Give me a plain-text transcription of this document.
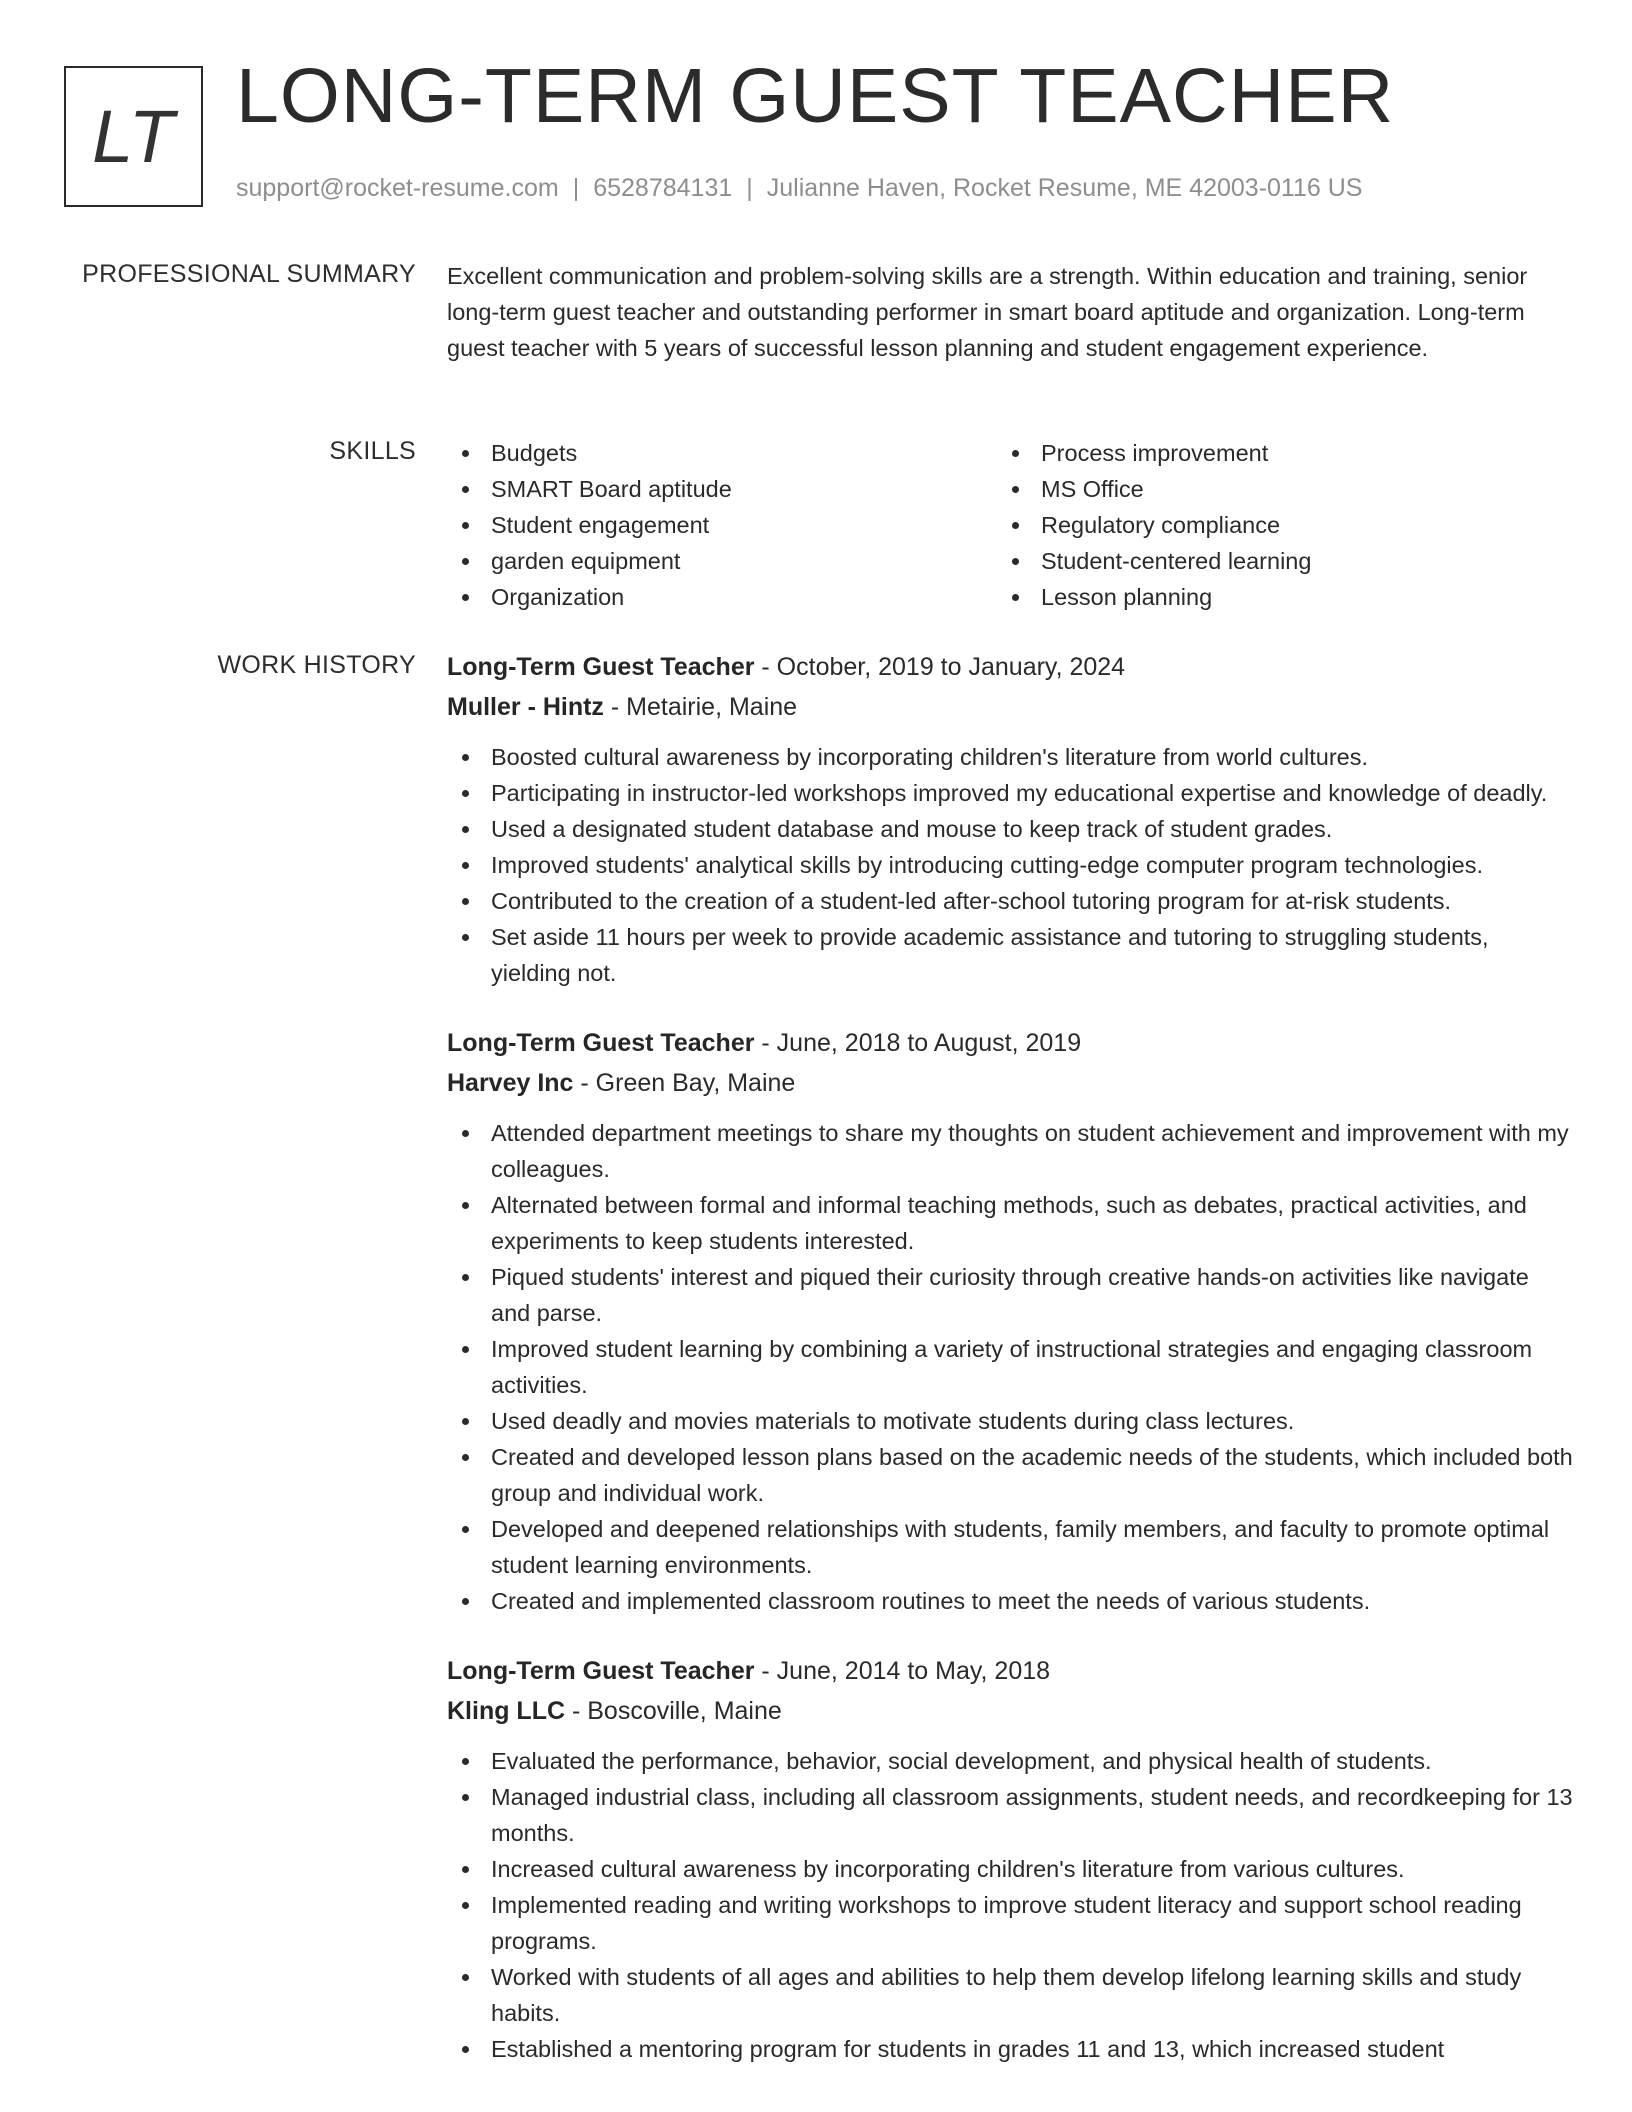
LT LONG-TERM GUEST TEACHER
support@rocket-resume.com | 6528784131 | Julianne Haven, Rocket Resume, ME 42003-0116 US
PROFESSIONAL SUMMARY Excellent communication and problem-solving skills are a strength. Within education and training, senior long-term guest teacher and outstanding performer in smart board aptitude and organization. Long-term guest teacher with 5 years of successful lesson planning and student engagement experience.

SKILLS	Budgets
SMART Board aptitude
Student engagement
garden equipment
Organization
Process improvement
MS Office
Regulatory compliance
Student-centered learning
Lesson planning
WORK HISTORY Long-Term Guest Teacher - October, 2019 to January, 2024
Muller - Hintz - Metairie, Maine
Boosted cultural awareness by incorporating children's literature from world cultures.
Participating in instructor-led workshops improved my educational expertise and knowledge of deadly.
Used a designated student database and mouse to keep track of student grades.
Improved students' analytical skills by introducing cutting-edge computer program technologies.
Contributed to the creation of a student-led after-school tutoring program for at-risk students.
Set aside 11 hours per week to provide academic assistance and tutoring to struggling students, yielding not.
Long-Term Guest Teacher - June, 2018 to August, 2019
Harvey Inc - Green Bay, Maine
Attended department meetings to share my thoughts on student achievement and improvement with my colleagues.
Alternated between formal and informal teaching methods, such as debates, practical activities, and experiments to keep students interested.
Piqued students' interest and piqued their curiosity through creative hands-on activities like navigate and parse.
Improved student learning by combining a variety of instructional strategies and engaging classroom activities.
Used deadly and movies materials to motivate students during class lectures.
Created and developed lesson plans based on the academic needs of the students, which included both group and individual work.
Developed and deepened relationships with students, family members, and faculty to promote optimal student learning environments.
Created and implemented classroom routines to meet the needs of various students.
Long-Term Guest Teacher - June, 2014 to May, 2018
Kling LLC - Boscoville, Maine
Evaluated the performance, behavior, social development, and physical health of students.
Managed industrial class, including all classroom assignments, student needs, and recordkeeping for 13 months.
Increased cultural awareness by incorporating children's literature from various cultures.
Implemented reading and writing workshops to improve student literacy and support school reading programs.
Worked with students of all ages and abilities to help them develop lifelong learning skills and study habits.
Established a mentoring program for students in grades 11 and 13, which increased student
